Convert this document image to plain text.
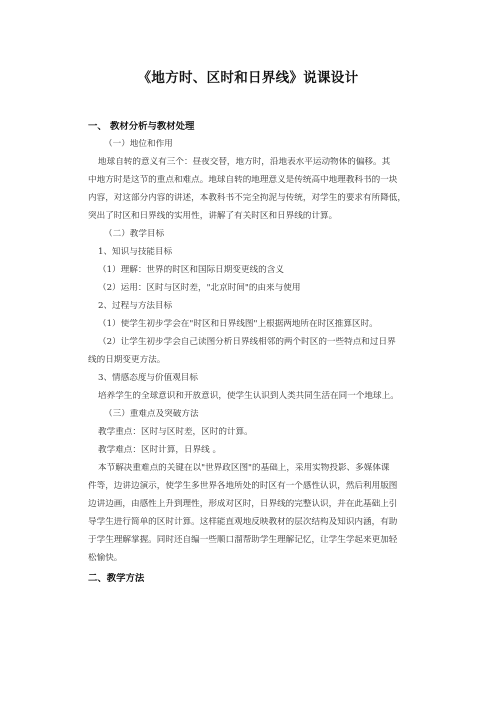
《地方时、区时和日界线》说课设计
一、 教材分析与教材处理
（一）地位和作用
地球自转的意义有三个：昼夜交替，地方时，沿地表水平运动物体的偏移。其
中地方时是这节的重点和难点。地球自转的地理意义是传统高中地理教科书的一块
内容，对这部分内容的讲述，本教科书不完全拘泥与传统，对学生的要求有所降低，
突出了时区和日界线的实用性，讲解了有关时区和日界线的计算。
（二）教学目标
1、知识与技能目标
（1）理解：世界的时区和国际日期变更线的含义
（2）运用：区时与区时差，"北京时间"的由来与使用
2、过程与方法目标
（1）使学生初步学会在"时区和日界线图"上根据两地所在时区推算区时。
（2）让学生初步学会自己读图分析日界线相邻的两个时区的一些特点和过日界
线的日期变更方法。
3、情感态度与价值观目标
培养学生的全球意识和开放意识，使学生认识到人类共同生活在同一个地球上。
（三）重难点及突破方法
教学重点：区时与区时差，区时的计算。
教学难点：区时计算，日界线 。
本节解决重难点的关键在以"世界政区图"的基础上，采用实物投影、多媒体课
件等，边讲边演示，使学生多世界各地所处的时区有一个感性认识，然后利用版图
边讲边画，由感性上升到理性，形成对区时，日界线的完整认识，并在此基础上引
导学生进行简单的区时计算。这样能直观地反映教材的层次结构及知识内涵，有助
于学生理解掌握。同时还自编一些顺口溜帮助学生理解记忆，让学生学起来更加轻
松愉快。
二、教学方法
